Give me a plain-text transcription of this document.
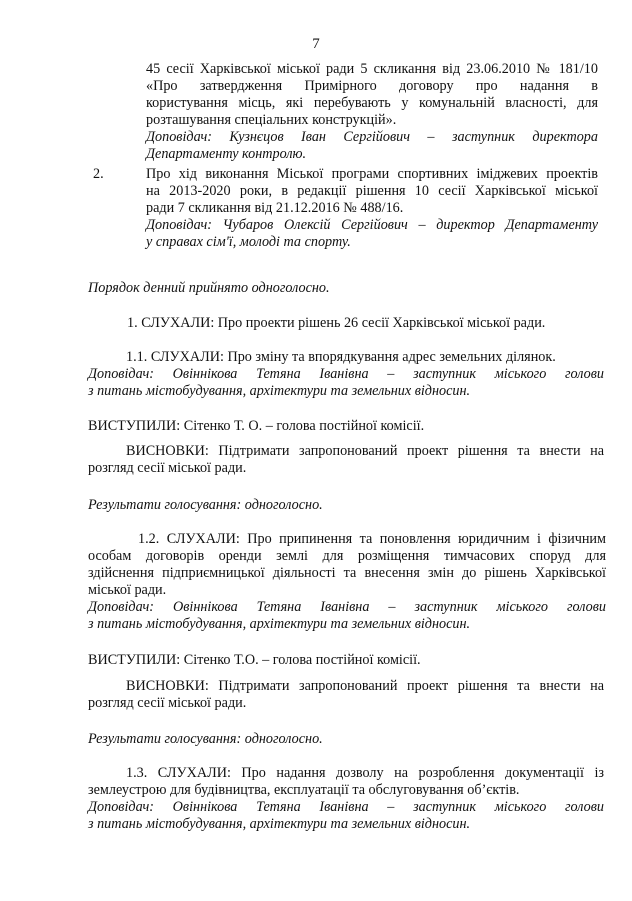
7
45 сесії Харківської міської ради 5 скликання від 23.06.2010 № 181/10
«Про затвердження Примірного договору про надання в
користування місць, які перебувають у комунальній власності, для
розташування спеціальних конструкцій».
Доповідач: Кузнєцов Іван Сергійович – заступник директора
Департаменту контролю.
2.	Про хід виконання Міської програми спортивних іміджевих проектів
на 2013-2020 роки, в редакції рішення 10 сесії Харківської міської
ради 7 скликання від 21.12.2016 № 488/16.
Доповідач: Чубаров Олексій Сергійович – директор Департаменту
у справах сім'ї, молоді та спорту.
Порядок денний прийнято одноголосно.
1. СЛУХАЛИ: Про проекти рішень 26 сесії Харківської міської ради.
1.1. СЛУХАЛИ: Про зміну та впорядкування адрес земельних ділянок.
Доповідач: Овіннікова Тетяна Іванівна – заступник міського голови
з питань містобудування, архітектури та земельних відносин.
ВИСТУПИЛИ: Сітенко Т. О. – голова постійної комісії.
ВИСНОВКИ: Підтримати запропонований проект рішення та внести на
розгляд сесії міської ради.
Результати голосування: одноголосно.
1.2. СЛУХАЛИ: Про припинення та поновлення юридичним і фізичним
особам договорів оренди землі для розміщення тимчасових споруд для
здійснення підприємницької діяльності та внесення змін до рішень Харківської
міської ради.
Доповідач: Овіннікова Тетяна Іванівна – заступник міського голови
з питань містобудування, архітектури та земельних відносин.
ВИСТУПИЛИ: Сітенко Т.О. – голова постійної комісії.
ВИСНОВКИ: Підтримати запропонований проект рішення та внести на
розгляд сесії міської ради.
Результати голосування: одноголосно.
1.3. СЛУХАЛИ: Про надання дозволу на розроблення документації із
землеустрою для будівництва, експлуатації та обслуговування об’єктів.
Доповідач: Овіннікова Тетяна Іванівна – заступник міського голови
з питань містобудування, архітектури та земельних відносин.
